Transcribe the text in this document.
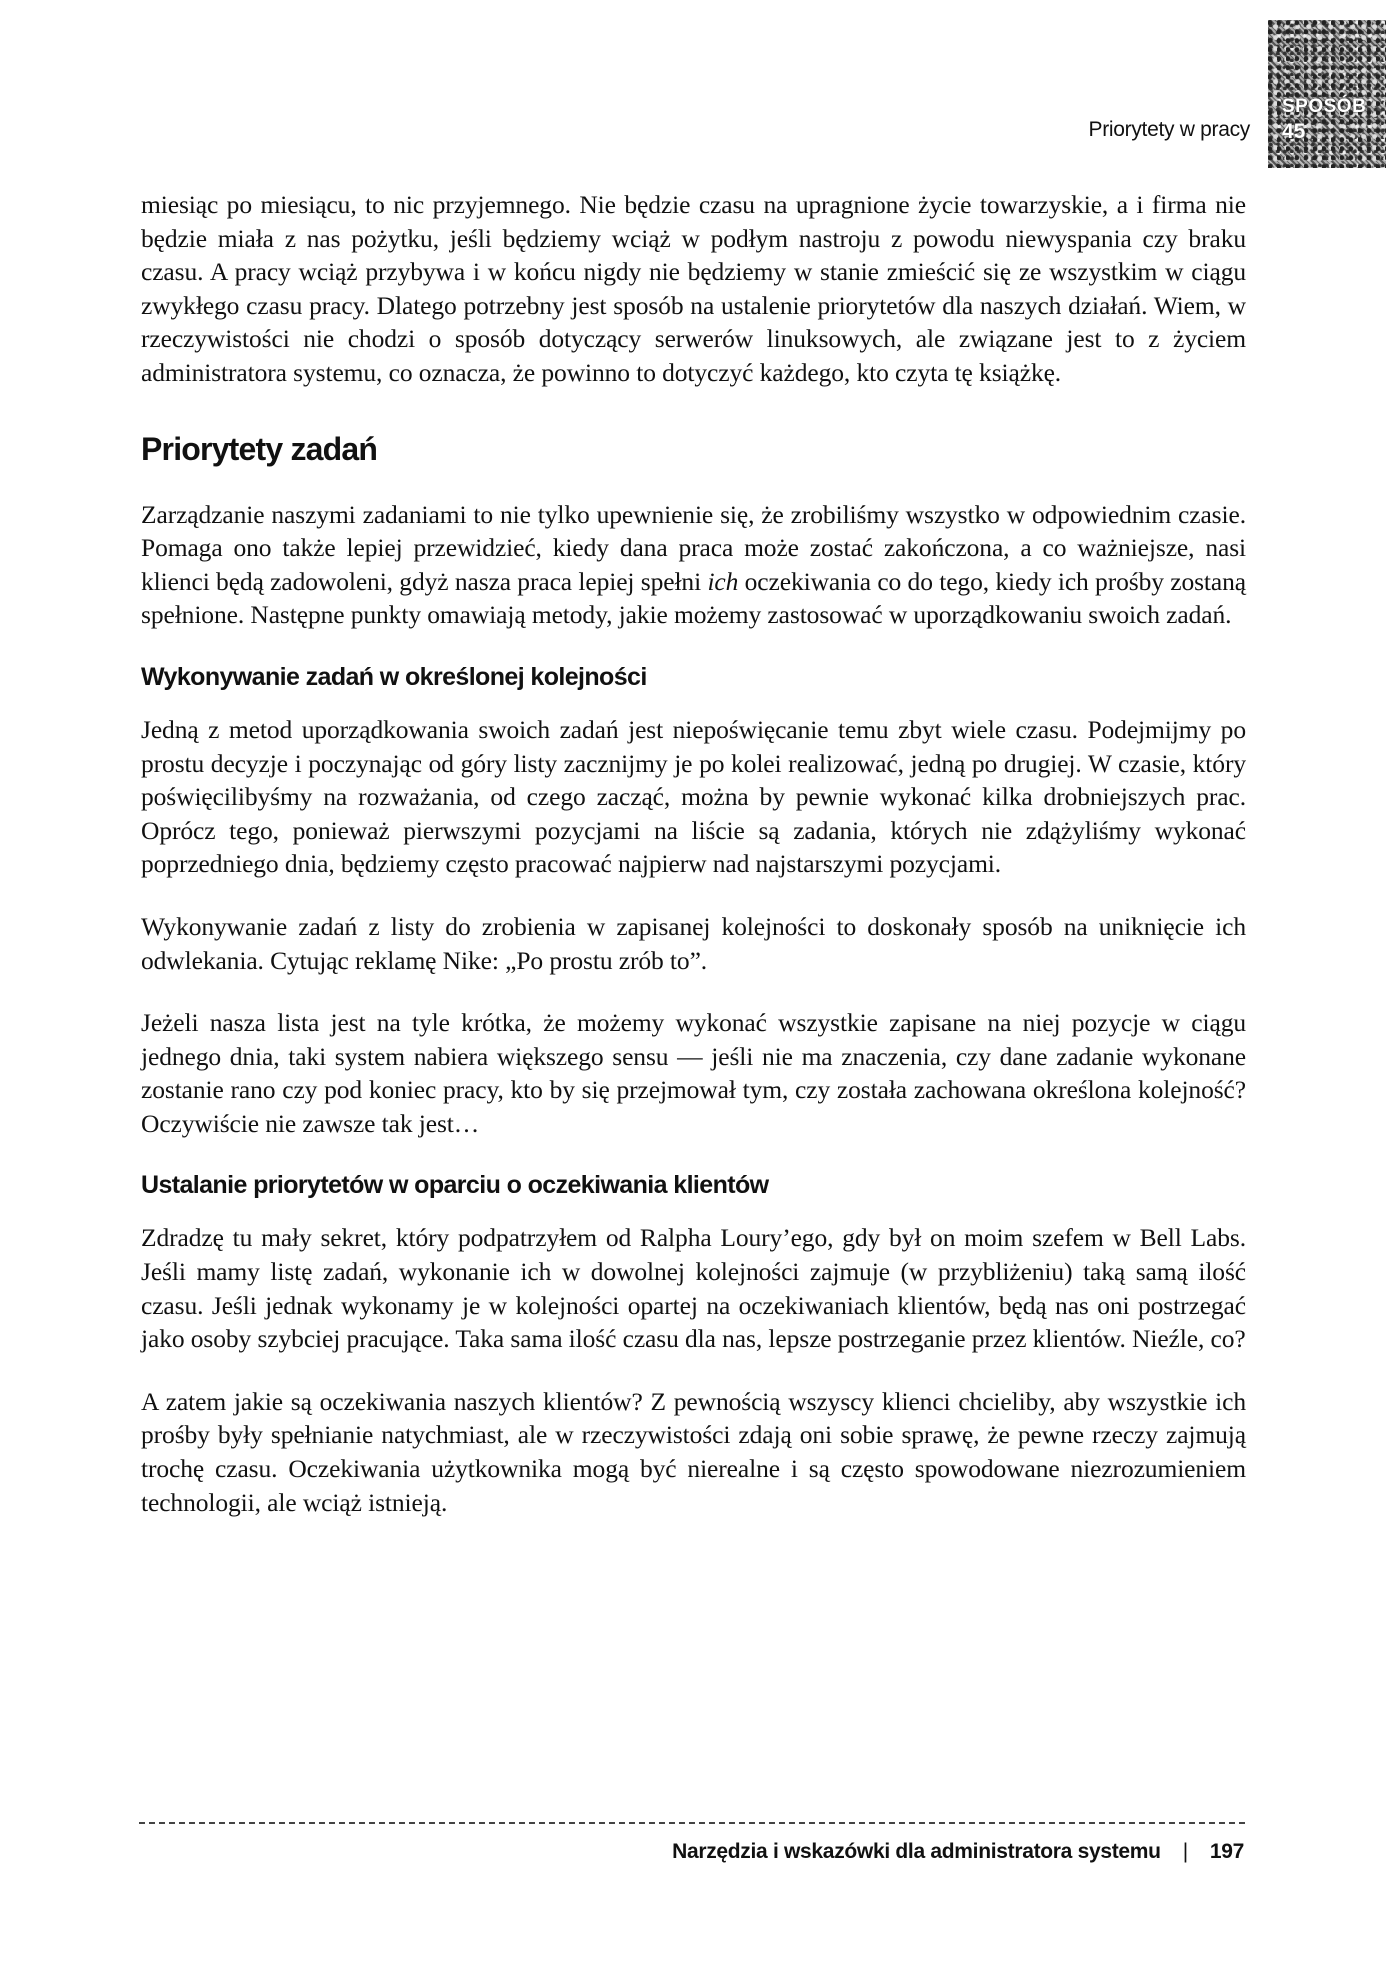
Priorytety w pracy
SPOSÓB
45

miesiąc po miesiącu, to nic przyjemnego. Nie będzie czasu na upragnione życie towarzyskie, a i firma nie będzie miała z nas pożytku, jeśli będziemy wciąż w podłym nastroju z powodu niewyspania czy braku czasu. A pracy wciąż przybywa i w końcu nigdy nie będziemy w stanie zmieścić się ze wszystkim w ciągu zwykłego czasu pracy. Dlatego potrzebny jest sposób na ustalenie priorytetów dla naszych działań. Wiem, w rzeczywistości nie chodzi o sposób dotyczący serwerów linuksowych, ale związane jest to z życiem administratora systemu, co oznacza, że powinno to dotyczyć każdego, kto czyta tę książkę.

Priorytety zadań

Zarządzanie naszymi zadaniami to nie tylko upewnienie się, że zrobiliśmy wszystko w odpowiednim czasie. Pomaga ono także lepiej przewidzieć, kiedy dana praca może zostać zakończona, a co ważniejsze, nasi klienci będą zadowoleni, gdyż nasza praca lepiej spełni ich oczekiwania co do tego, kiedy ich prośby zostaną spełnione. Następne punkty omawiają metody, jakie możemy zastosować w uporządkowaniu swoich zadań.

Wykonywanie zadań w określonej kolejności

Jedną z metod uporządkowania swoich zadań jest niepoświęcanie temu zbyt wiele czasu. Podejmijmy po prostu decyzje i poczynając od góry listy zacznijmy je po kolei realizować, jedną po drugiej. W czasie, który poświęcilibyśmy na rozważania, od czego zacząć, można by pewnie wykonać kilka drobniejszych prac. Oprócz tego, ponieważ pierwszymi pozycjami na liście są zadania, których nie zdążyliśmy wykonać poprzedniego dnia, będziemy często pracować najpierw nad najstarszymi pozycjami.

Wykonywanie zadań z listy do zrobienia w zapisanej kolejności to doskonały sposób na uniknięcie ich odwlekania. Cytując reklamę Nike: „Po prostu zrób to”.

Jeżeli nasza lista jest na tyle krótka, że możemy wykonać wszystkie zapisane na niej pozycje w ciągu jednego dnia, taki system nabiera większego sensu — jeśli nie ma znaczenia, czy dane zadanie wykonane zostanie rano czy pod koniec pracy, kto by się przejmował tym, czy została zachowana określona kolejność? Oczywiście nie zawsze tak jest…

Ustalanie priorytetów w oparciu o oczekiwania klientów

Zdradzę tu mały sekret, który podpatrzyłem od Ralpha Loury’ego, gdy był on moim szefem w Bell Labs. Jeśli mamy listę zadań, wykonanie ich w dowolnej kolejności zajmuje (w przybliżeniu) taką samą ilość czasu. Jeśli jednak wykonamy je w kolejności opartej na oczekiwaniach klientów, będą nas oni postrzegać jako osoby szybciej pracujące. Taka sama ilość czasu dla nas, lepsze postrzeganie przez klientów. Nieźle, co?

A zatem jakie są oczekiwania naszych klientów? Z pewnością wszyscy klienci chcieliby, aby wszystkie ich prośby były spełnianie natychmiast, ale w rzeczywistości zdają oni sobie sprawę, że pewne rzeczy zajmują trochę czasu. Oczekiwania użytkownika mogą być nierealne i są często spowodowane niezrozumieniem technologii, ale wciąż istnieją.

Narzędzia i wskazówki dla administratora systemu | 197
